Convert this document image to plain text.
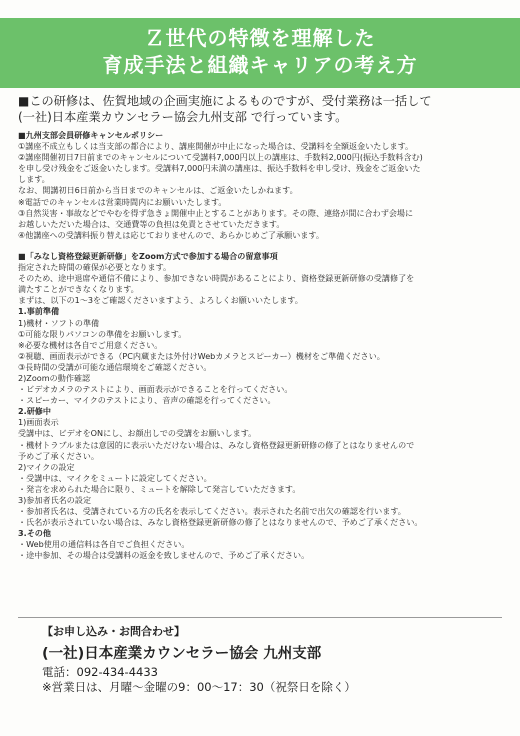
Ｚ世代の特徴を理解した
育成手法と組織キャリアの考え方
■この研修は、佐賀地域の企画実施によるものですが、受付業務は一括して
(一社)日本産業カウンセラー協会九州支部 で行っています。

■九州支部会員研修キャンセルポリシー

①講座不成立もしくは当支部の都合により、講座開催が中止になった場合は、受講料を全額返金いたします。

②講座開催初日7日前までのキャンセルについて受講料7,000円以上の講座は、手数料2,000円(振込手数料含む)

を申し受け残金をご返金いたします。受講料7,000円未満の講座は、振込手数料を申し受け、残金をご返金いた

します。

なお、開講初日6日前から当日までのキャンセルは、ご返金いたしかねます。

※電話でのキャンセルは営業時間内にお願いいたします。

③自然災害・事故などでやむを得ず急きょ開催中止とすることがあります。その際、連絡が間に合わず会場に

お越しいただいた場合は、交通費等の負担は免責とさせていただきます。

④他講座への受講料振り替えは応じておりませんので、あらかじめご了承願います。

■「みなし資格登録更新研修」をZoom方式で参加する場合の留意事項

指定された時間の確保が必要となります。

そのため、途中退席や通信不備により、参加できない時間があることにより、資格登録更新研修の受講修了を

満たすことができなくなります。

まずは、以下の1〜3をご確認くださいますよう、よろしくお願いいたします。

1.事前準備

1)機材・ソフトの準備

①可能な限りパソコンの準備をお願いします。

※必要な機材は各自でご用意ください。

②視聴、画面表示ができる（PC内蔵または外付けWebカメラとスピーカー）機材をご準備ください。

③長時間の受講が可能な通信環境をご確認ください。

2)Zoomの動作確認

・ビデオカメラのテストにより、画面表示ができることを行ってください。

・スピーカー、マイクのテストにより、音声の確認を行ってください。

2.研修中

1)画面表示

受講中は、ビデオをONにし、お顔出しでの受講をお願いします。

・機材トラブルまたは意図的に表示いただけない場合は、みなし資格登録更新研修の修了とはなりませんので

予めご了承ください。

2)マイクの設定

・受講中は、マイクをミュートに設定してください。

・発言を求められた場合に限り、ミュートを解除して発言していただきます。

3)参加者氏名の設定

・参加者氏名は、受講されている方の氏名を表示してください。表示された名前で出欠の確認を行います。

・氏名が表示されていない場合は、みなし資格登録更新研修の修了とはなりませんので、予めご了承ください。

3.その他

・Web使用の通信料は各自でご負担ください。

・途中参加、その場合は受講料の返金を致しませんので、予めご了承ください。

【お申し込み・お問合わせ】
(一社)日本産業カウンセラー協会 九州支部
電話：092-434-4433
※営業日は、月曜〜金曜の9：00〜17：30（祝祭日を除く）
